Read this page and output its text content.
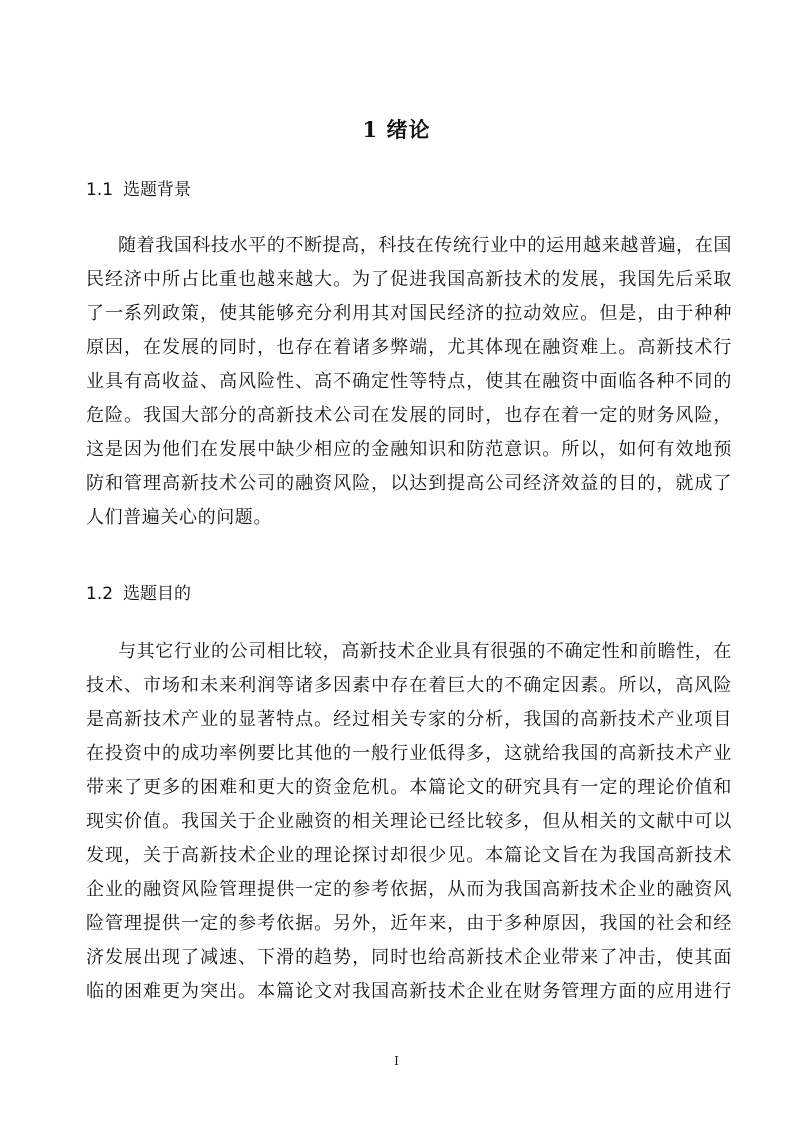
1 绪论
1.1 选题背景
随着我国科技水平的不断提高，科技在传统行业中的运用越来越普遍，在国
民经济中所占比重也越来越大。为了促进我国高新技术的发展，我国先后采取
了一系列政策，使其能够充分利用其对国民经济的拉动效应。但是，由于种种
原因，在发展的同时，也存在着诸多弊端，尤其体现在融资难上。高新技术行
业具有高收益、高风险性、高不确定性等特点，使其在融资中面临各种不同的
危险。我国大部分的高新技术公司在发展的同时，也存在着一定的财务风险，
这是因为他们在发展中缺少相应的金融知识和防范意识。所以，如何有效地预
防和管理高新技术公司的融资风险，以达到提高公司经济效益的目的，就成了
人们普遍关心的问题。
1.2 选题目的
与其它行业的公司相比较，高新技术企业具有很强的不确定性和前瞻性，在
技术、市场和未来利润等诸多因素中存在着巨大的不确定因素。所以，高风险
是高新技术产业的显著特点。经过相关专家的分析，我国的高新技术产业项目
在投资中的成功率例要比其他的一般行业低得多，这就给我国的高新技术产业
带来了更多的困难和更大的资金危机。本篇论文的研究具有一定的理论价值和
现实价值。我国关于企业融资的相关理论已经比较多，但从相关的文献中可以
发现，关于高新技术企业的理论探讨却很少见。本篇论文旨在为我国高新技术
企业的融资风险管理提供一定的参考依据，从而为我国高新技术企业的融资风
险管理提供一定的参考依据。另外，近年来，由于多种原因，我国的社会和经
济发展出现了减速、下滑的趋势，同时也给高新技术企业带来了冲击，使其面
临的困难更为突出。本篇论文对我国高新技术企业在财务管理方面的应用进行
I
